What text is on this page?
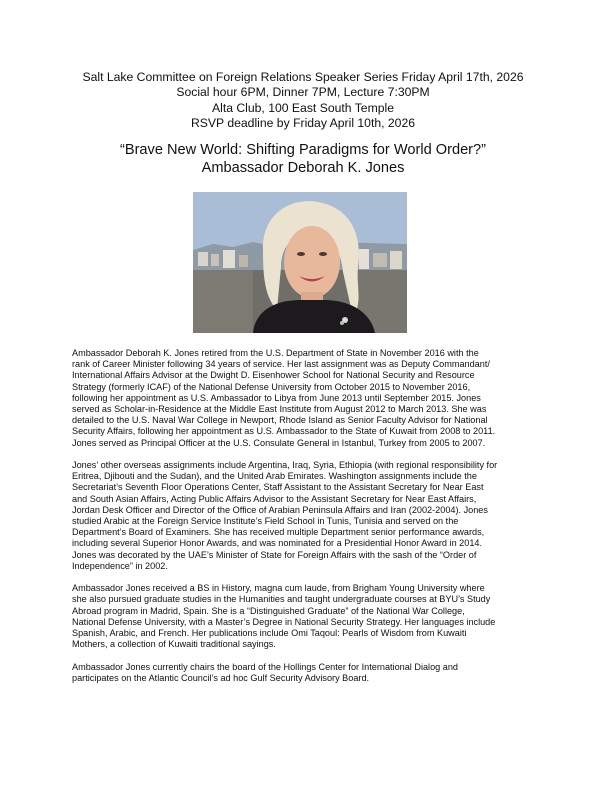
Salt Lake Committee on Foreign Relations Speaker Series Friday April 17th, 2026
Social hour 6PM, Dinner 7PM, Lecture 7:30PM
Alta Club, 100 East South Temple
RSVP deadline by Friday April 10th, 2026
“Brave New World: Shifting Paradigms for World Order?”
Ambassador Deborah K. Jones

Ambassador Deborah K. Jones retired from the U.S. Department of State in November 2016 with the
rank of Career Minister following 34 years of service. Her last assignment was as Deputy Commandant/
International Affairs Advisor at the Dwight D. Eisenhower School for National Security and Resource
Strategy (formerly ICAF) of the National Defense University from October 2015 to November 2016,
following her appointment as U.S. Ambassador to Libya from June 2013 until September 2015. Jones
served as Scholar-in-Residence at the Middle East Institute from August 2012 to March 2013. She was
detailed to the U.S. Naval War College in Newport, Rhode Island as Senior Faculty Advisor for National
Security Affairs, following her appointment as U.S. Ambassador to the State of Kuwait from 2008 to 2011.
Jones served as Principal Officer at the U.S. Consulate General in Istanbul, Turkey from 2005 to 2007.

Jones’ other overseas assignments include Argentina, Iraq, Syria, Ethiopia (with regional responsibility for
Eritrea, Djibouti and the Sudan), and the United Arab Emirates. Washington assignments include the
Secretariat’s Seventh Floor Operations Center, Staff Assistant to the Assistant Secretary for Near East
and South Asian Affairs, Acting Public Affairs Advisor to the Assistant Secretary for Near East Affairs,
Jordan Desk Officer and Director of the Office of Arabian Peninsula Affairs and Iran (2002-2004). Jones
studied Arabic at the Foreign Service Institute’s Field School in Tunis, Tunisia and served on the
Department’s Board of Examiners. She has received multiple Department senior performance awards,
including several Superior Honor Awards, and was nominated for a Presidential Honor Award in 2014.
Jones was decorated by the UAE’s Minister of State for Foreign Affairs with the sash of the “Order of
Independence” in 2002.

Ambassador Jones received a BS in History, magna cum laude, from Brigham Young University where
she also pursued graduate studies in the Humanities and taught undergraduate courses at BYU’s Study
Abroad program in Madrid, Spain. She is a “Distinguished Graduate” of the National War College,
National Defense University, with a Master’s Degree in National Security Strategy. Her languages include
Spanish, Arabic, and French. Her publications include Omi Taqoul: Pearls of Wisdom from Kuwaiti
Mothers, a collection of Kuwaiti traditional sayings.

Ambassador Jones currently chairs the board of the Hollings Center for International Dialog and
participates on the Atlantic Council’s ad hoc Gulf Security Advisory Board.
